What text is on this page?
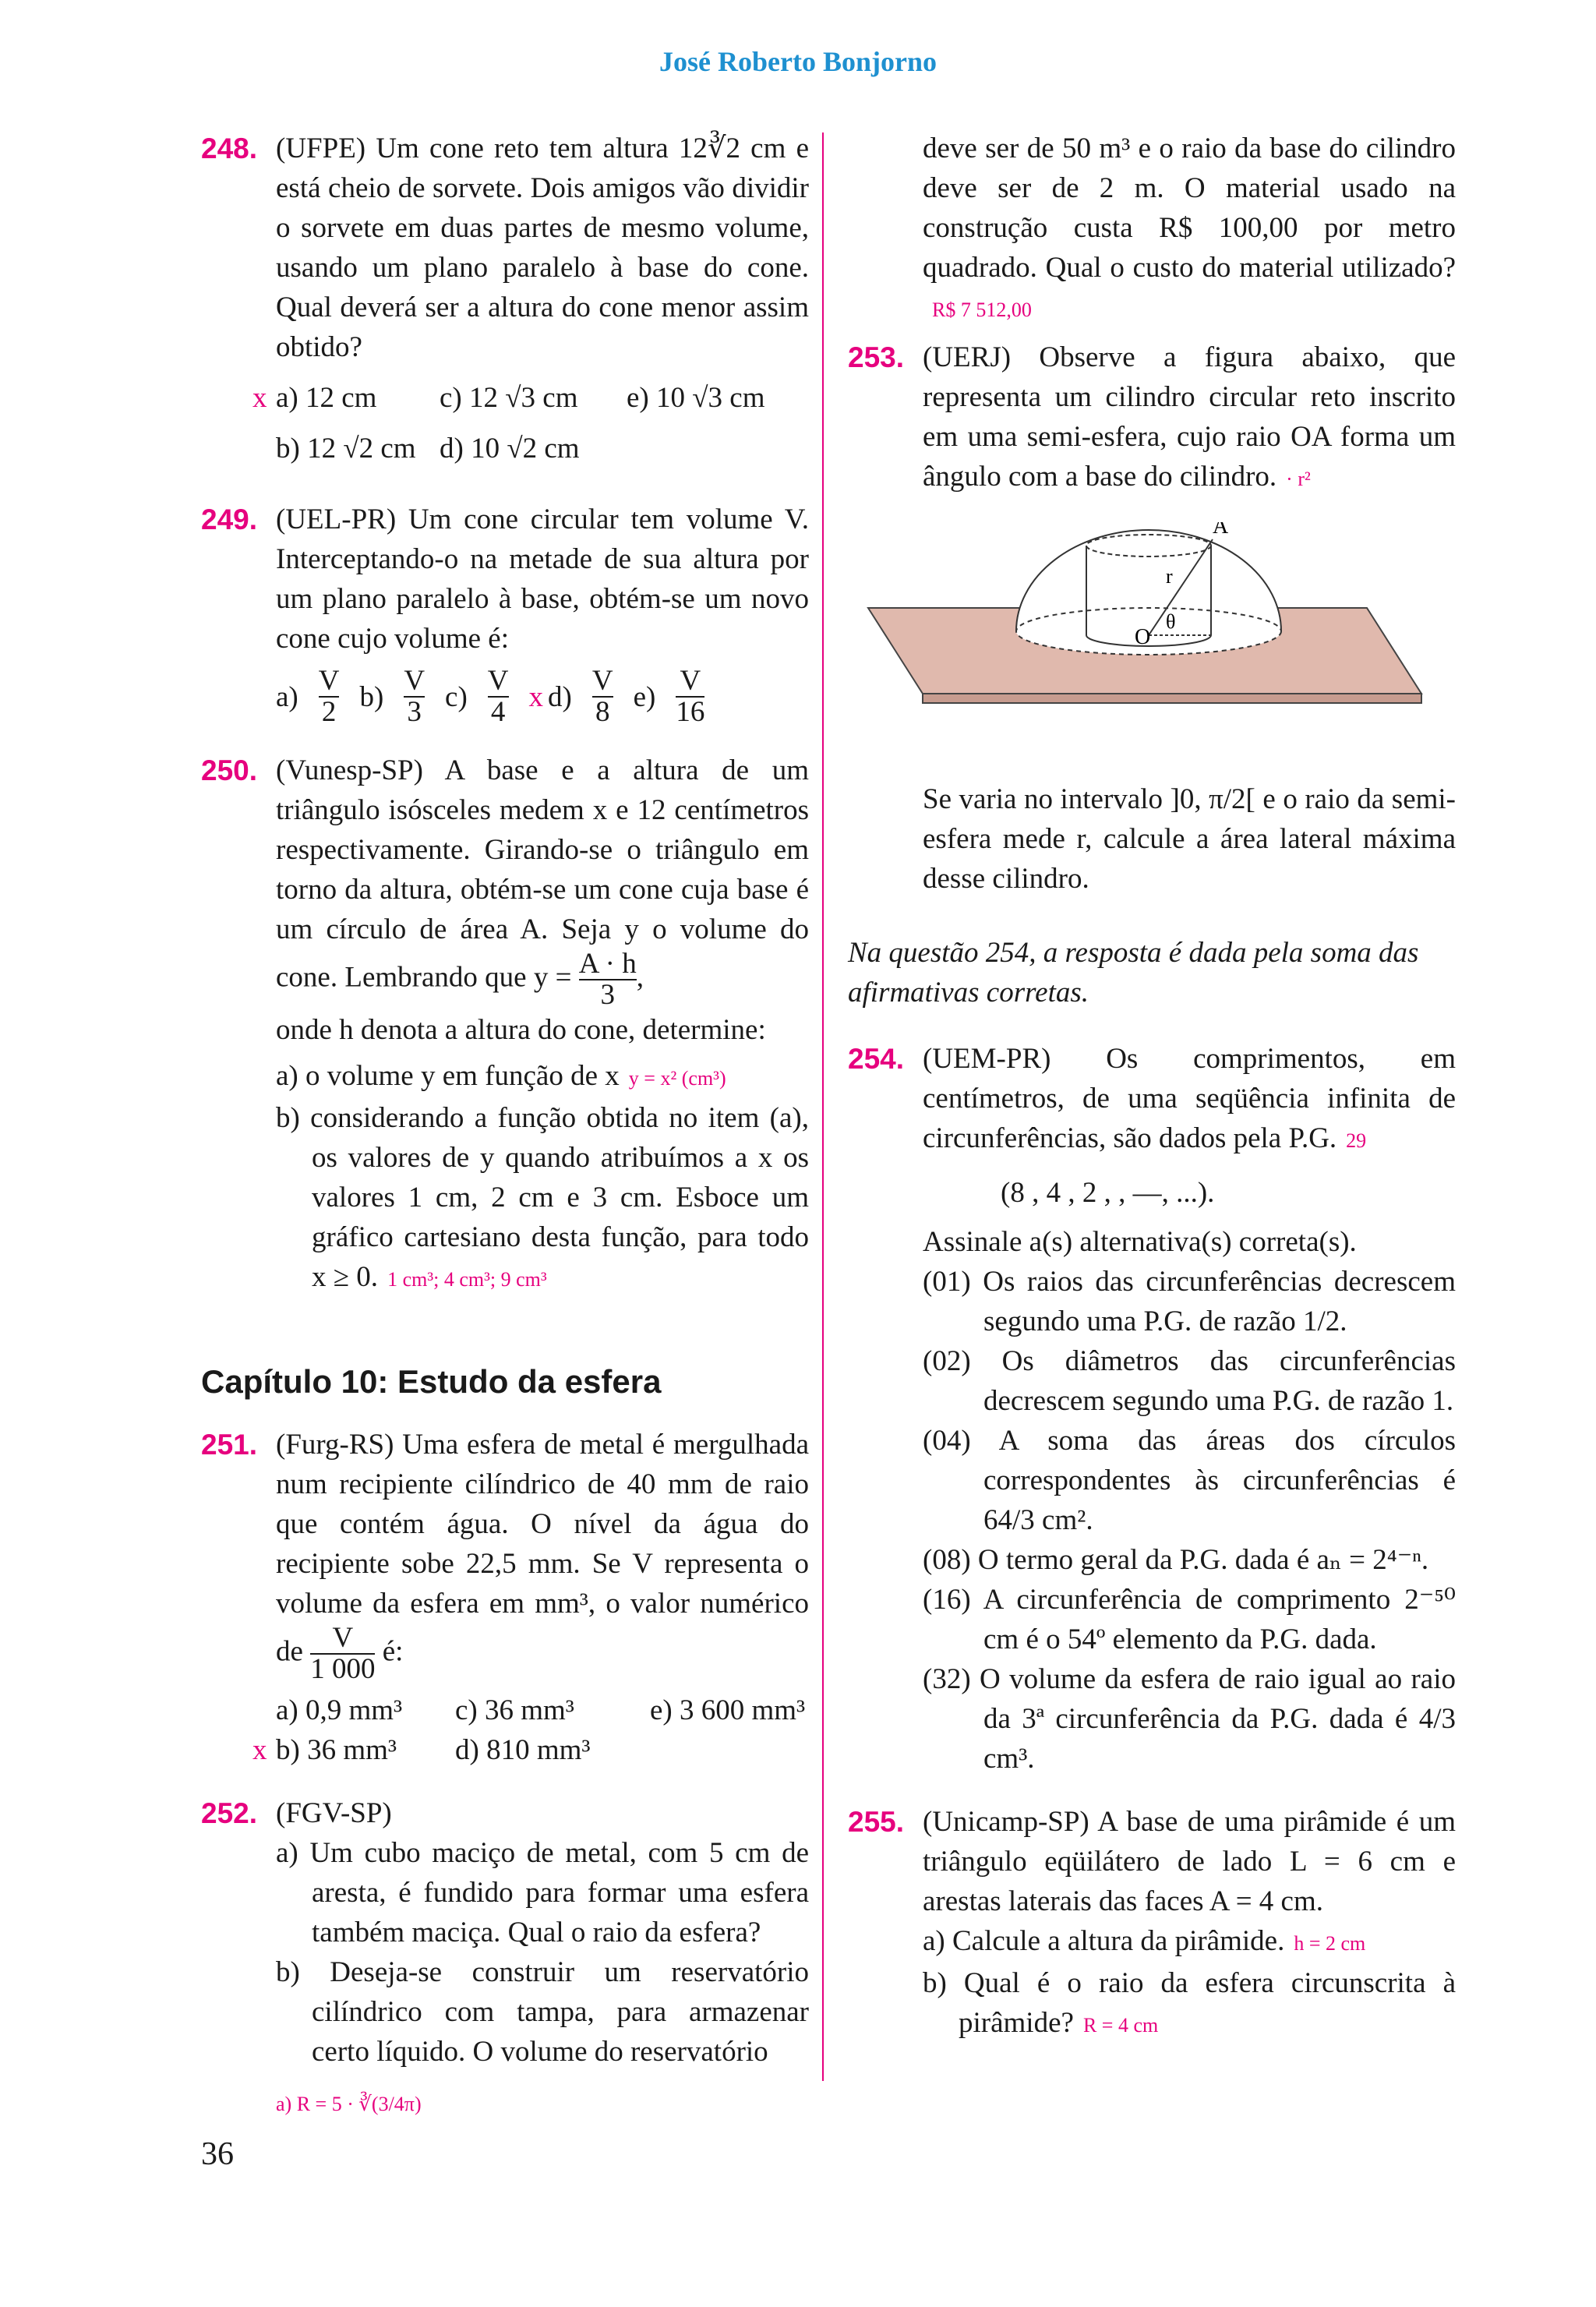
José Roberto Bonjorno
248. (UFPE) Um cone reto tem altura 12∛2 cm e está cheio de sorvete. Dois amigos vão dividir o sorvete em duas partes de mesmo volume, usando um plano paralelo à base do cone. Qual deverá ser a altura do cone menor assim obtido?
x a) 12 cm	c) 12 √3 cm	e) 10 √3 cm
b) 12 √2 cm d) 10 √2 cm
249. (UEL-PR) Um cone circular tem volume V. Interceptando-o na metade de sua altura por um plano paralelo à base, obtém-se um novo cone cujo volume é:
$a) \frac{V}{2} b) \frac{V}{3} c) \frac{V}{4}$ x $d) \frac{V}{8} e) \frac{V}{16}$
250. (Vunesp-SP) A base e a altura de um triângulo isósceles medem x e 12 centímetros respectivamente. Girando-se o triângulo em torno da altura, obtém-se um cone cuja base é um círculo de área A. Seja y o volume do cone. Lembrando que $y = \frac{A \cdot h}{3}$ ,
onde h denota a altura do cone, determine:
a) o volume y em função de x y = x² (cm³)
b) considerando a função obtida no item (a), os valores de y quando atribuímos a x os valores 1 cm, 2 cm e 3 cm. Esboce um gráfico cartesiano desta função, para todo x ≥ 0. 1 cm³; 4 cm³; 9 cm³
Capítulo 10: Estudo da esfera
251. (Furg-RS) Uma esfera de metal é mergulhada num recipiente cilíndrico de 40 mm de raio que contém água. O nível da água do recipiente sobe 22,5 mm. Se V representa o volume da esfera em mm³, o valor numérico de $\frac{V}{1 000}$ é:
a) 0,9 mm³	c) 36 mm³	e) 3 600 mm³
x b) 36 mm³	d) 810 mm³
252. (FGV-SP)
a) Um cubo maciço de metal, com 5 cm de aresta, é fundido para formar uma esfera também maciça. Qual o raio da esfera?
b) Deseja-se construir um reservatório cilíndrico com tampa, para armazenar certo líquido. O volume do reservatório
a) R = 5 · ∛(3/4π)
36
deve ser de 50 m³ e o raio da base do cilindro deve ser de 2 m. O material usado na construção custa R$ 100,00 por metro quadrado. Qual o custo do material utilizado?R$ 7 512,00
253. (UERJ) Observe a figura abaixo, que representa um cilindro circular reto inscrito em uma semi-esfera, cujo raio OA forma um ângulo com a base do cilindro. · r²
A
r
θ
O
Se varia no intervalo ]0, π/2[ e o raio da semi-esfera mede r, calcule a área lateral máxima desse cilindro.
Na questão 254, a resposta é dada pela soma das afirmativas corretas.
254. (UEM-PR) Os comprimentos, em centímetros, de uma seqüência infinita de circunferências, são dados pela P.G. 29
(8 , 4 , 2 , , —, ...).
Assinale a(s) alternativa(s) correta(s).
(01) Os raios das circunferências decrescem segundo uma P.G. de razão 1/2.
(02) Os diâmetros das circunferências decrescem segundo uma P.G. de razão 1.
(04) A soma das áreas dos círculos correspondentes às circunferências é 64/3 cm².
(08) O termo geral da P.G. dada é aₙ = 2⁴⁻ⁿ.
(16) A circunferência de comprimento 2⁻⁵⁰ cm é o 54º elemento da P.G. dada.
(32) O volume da esfera de raio igual ao raio da 3ª circunferência da P.G. dada é 4/3 cm³.
255. (Unicamp-SP) A base de uma pirâmide é um triângulo eqüilátero de lado L = 6 cm e arestas laterais das faces A = 4 cm.
a) Calcule a altura da pirâmide. h = 2 cm
b) Qual é o raio da esfera circunscrita à pirâmide? R = 4 cm
